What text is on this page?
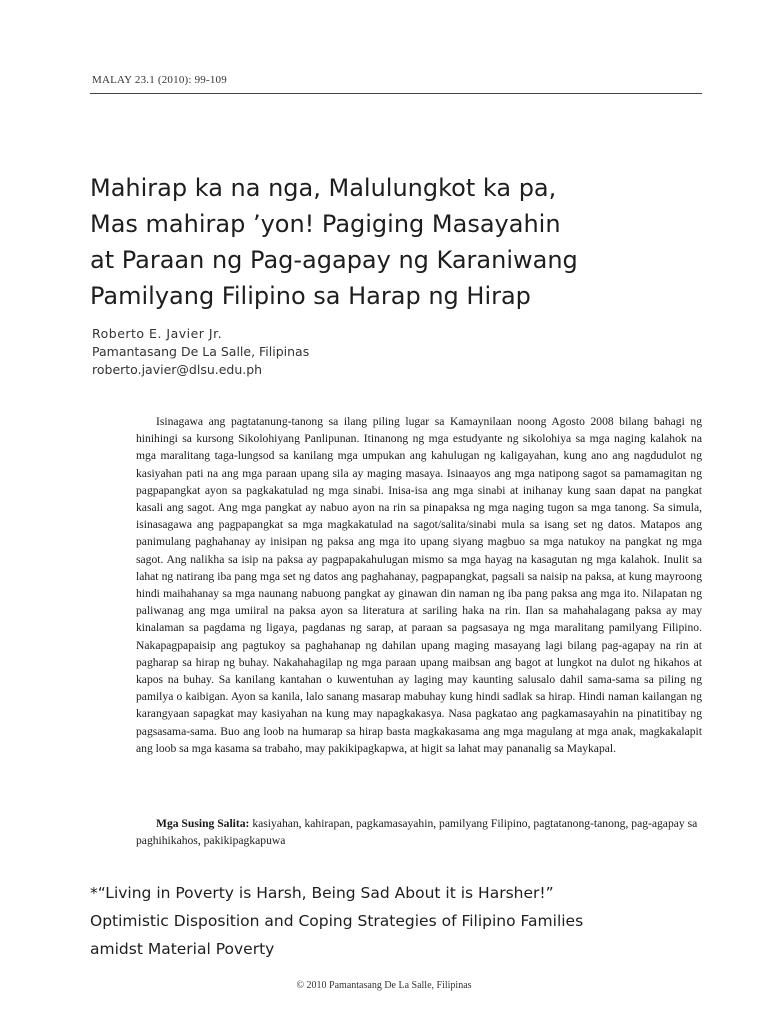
MALAY 23.1 (2010): 99-109
Mahirap ka na nga, Malulungkot ka pa,
Mas mahirap ’yon! Pagiging Masayahin
at Paraan ng Pag-agapay ng Karaniwang
Pamilyang Filipino sa Harap ng Hirap
Roberto E. Javier Jr.
Pamantasang De La Salle, Filipinas
roberto.javier@dlsu.edu.ph

Isinagawa ang pagtatanung-tanong sa ilang piling lugar sa Kamaynilaan noong Agosto 2008 bilang bahagi ng hinihingi sa kursong Sikolohiyang Panlipunan. Itinanong ng mga estudyante ng sikolohiya sa mga naging kalahok na mga maralitang taga-lungsod sa kanilang mga umpukan ang kahulugan ng kaligayahan, kung ano ang nagdudulot ng kasiyahan pati na ang mga paraan upang sila ay maging masaya. Isinaayos ang mga natipong sagot sa pamamagitan ng pagpapangkat ayon sa pagkakatulad ng mga sinabi. Inisa-isa ang mga sinabi at inihanay kung saan dapat na pangkat kasali ang sagot. Ang mga pangkat ay nabuo ayon na rin sa pinapaksa ng mga naging tugon sa mga tanong. Sa simula, isinasagawa ang pagpapangkat sa mga magkakatulad na sagot/salita/sinabi mula sa isang set ng datos. Matapos ang panimulang paghahanay ay inisipan ng paksa ang mga ito upang siyang magbuo sa mga natukoy na pangkat ng mga sagot. Ang nalikha sa isip na paksa ay pagpapakahulugan mismo sa mga hayag na kasagutan ng mga kalahok. Inulit sa lahat ng natirang iba pang mga set ng datos ang paghahanay, pagpapangkat, pagsali sa naisip na paksa, at kung mayroong hindi maihahanay sa mga naunang nabuong pangkat ay ginawan din naman ng iba pang paksa ang mga ito. Nilapatan ng paliwanag ang mga umiiral na paksa ayon sa literatura at sariling haka na rin. Ilan sa mahahalagang paksa ay may kinalaman sa pagdama ng ligaya, pagdanas ng sarap, at paraan sa pagsasaya ng mga maralitang pamilyang Filipino. Nakapagpapaisip ang pagtukoy sa paghahanap ng dahilan upang maging masayang lagi bilang pag-agapay na rin at pagharap sa hirap ng buhay. Nakahahagilap ng mga paraan upang maibsan ang bagot at lungkot na dulot ng hikahos at kapos na buhay. Sa kanilang kantahan o kuwentuhan ay laging may kaunting salusalo dahil sama-sama sa piling ng pamilya o kaibigan. Ayon sa kanila, lalo sanang masarap mabuhay kung hindi sadlak sa hirap. Hindi naman kailangan ng karangyaan sapagkat may kasiyahan na kung may napagkakasya. Nasa pagkatao ang pagkamasayahin na pinatitibay ng pagsasama-sama. Buo ang loob na humarap sa hirap basta magkakasama ang mga magulang at mga anak, magkakalapit ang loob sa mga kasama sa trabaho, may pakikipagkapwa, at higit sa lahat may pananalig sa Maykapal.

Mga Susing Salita: kasiyahan, kahirapan, pagkamasayahin, pamilyang Filipino, pagtatanong-tanong, pag-agapay sa paghihikahos, pakikipagkapuwa

*“Living in Poverty is Harsh, Being Sad About it is Harsher!”
Optimistic Disposition and Coping Strategies of Filipino Families
amidst Material Poverty
© 2010 Pamantasang De La Salle, Filipinas
